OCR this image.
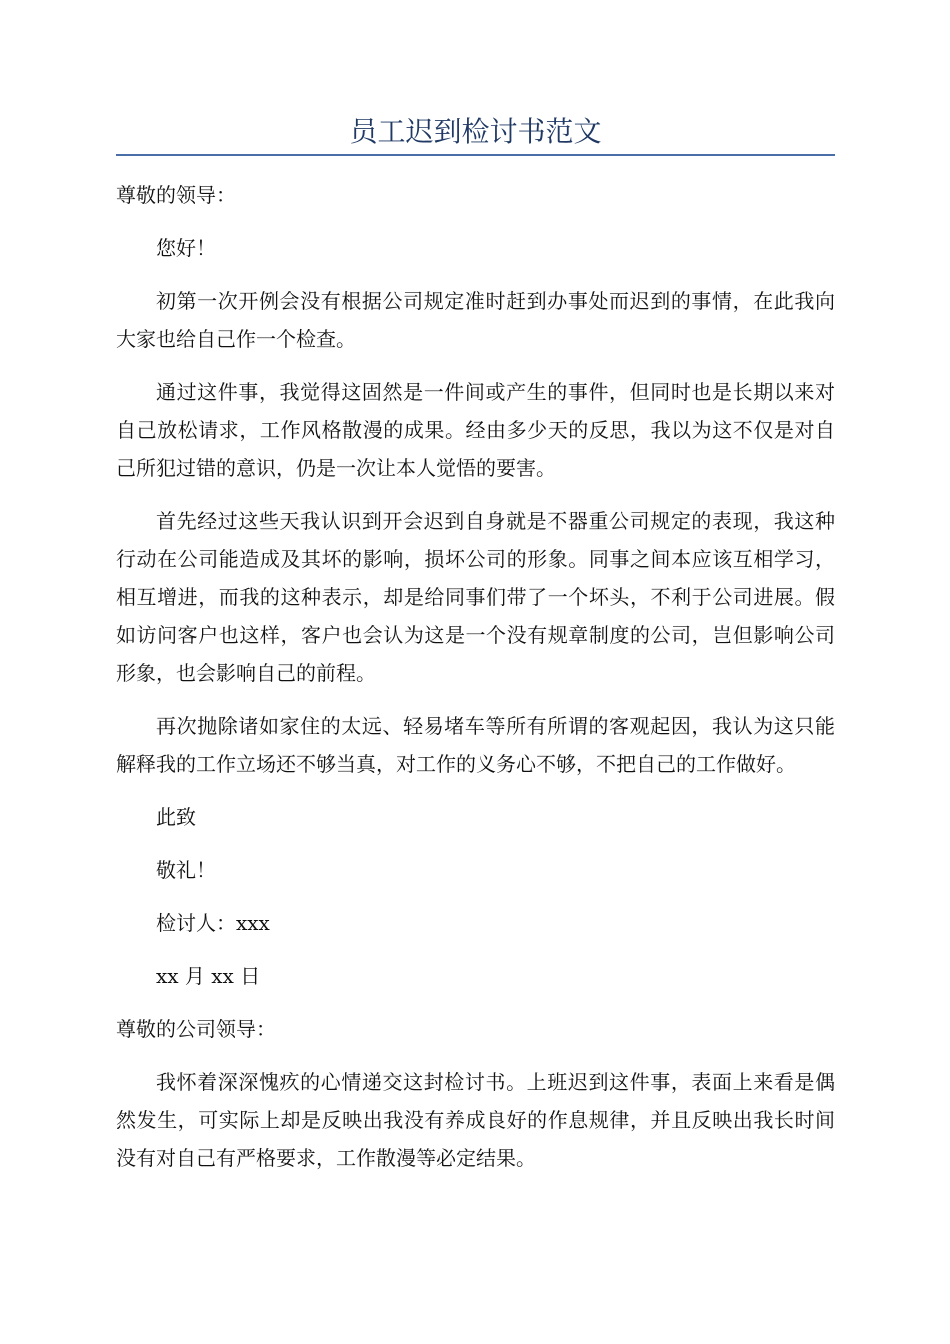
员工迟到检讨书范文

尊敬的领导：

您好！

初第一次开例会没有根据公司规定准时赶到办事处而迟到的事情，在此我向大家也给自己作一个检查。

通过这件事，我觉得这固然是一件间或产生的事件，但同时也是长期以来对自己放松请求，工作风格散漫的成果。经由多少天的反思，我以为这不仅是对自己所犯过错的意识，仍是一次让本人觉悟的要害。

首先经过这些天我认识到开会迟到自身就是不器重公司规定的表现，我这种行动在公司能造成及其坏的影响，损坏公司的形象。同事之间本应该互相学习，相互增进，而我的这种表示，却是给同事们带了一个坏头，不利于公司进展。假如访问客户也这样，客户也会认为这是一个没有规章制度的公司，岂但影响公司形象，也会影响自己的前程。

再次抛除诸如家住的太远、轻易堵车等所有所谓的客观起因，我认为这只能解释我的工作立场还不够当真，对工作的义务心不够，不把自己的工作做好。

此致

敬礼！

检讨人：xxx

xx 月 xx 日

尊敬的公司领导：

我怀着深深愧疚的心情递交这封检讨书。上班迟到这件事，表面上来看是偶然发生，可实际上却是反映出我没有养成良好的作息规律，并且反映出我长时间没有对自己有严格要求，工作散漫等必定结果。
